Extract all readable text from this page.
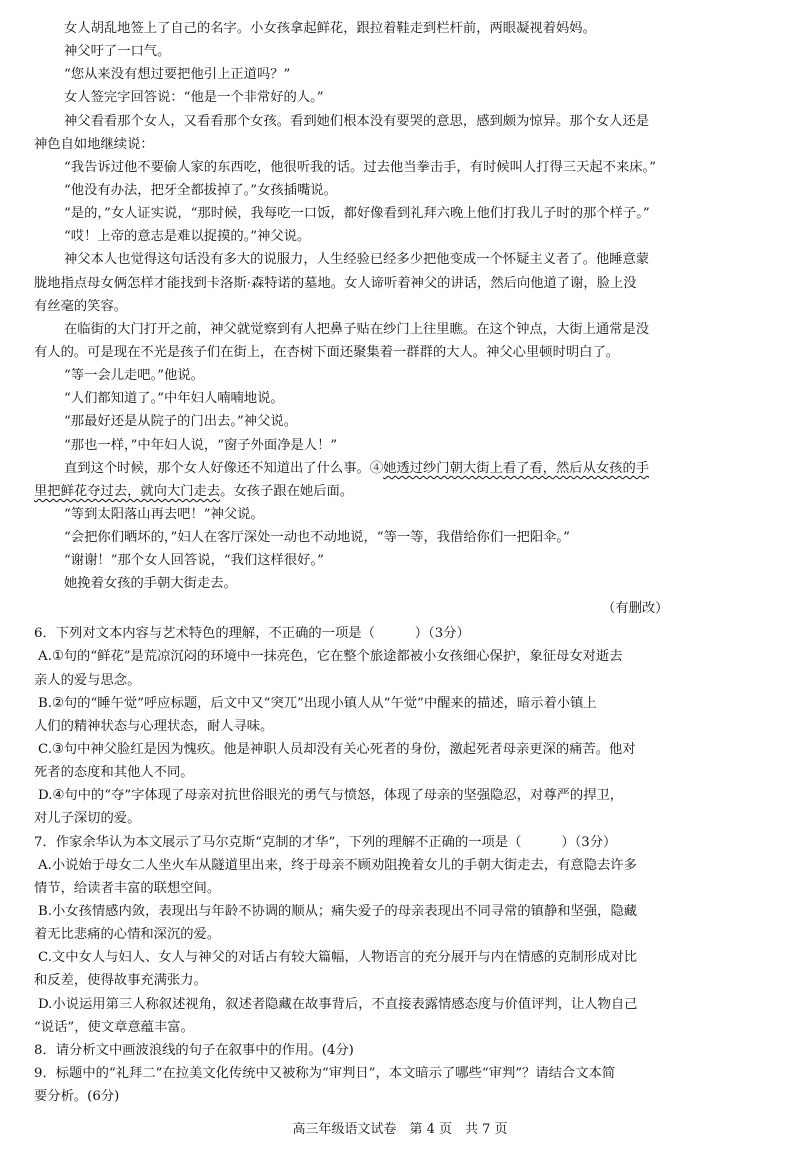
女人胡乱地签上了自己的名字。小女孩拿起鲜花，跟拉着鞋走到栏杆前，两眼凝视着妈妈。
神父吁了一口气。
“您从来没有想过要把他引上正道吗？”
女人签完字回答说：“他是一个非常好的人。”
神父看看那个女人，又看看那个女孩。看到她们根本没有要哭的意思，感到颇为惊异。那个女人还是
神色自如地继续说：
“我告诉过他不要偷人家的东西吃，他很听我的话。过去他当拳击手，有时候叫人打得三天起不来床。”
“他没有办法，把牙全都拔掉了。”女孩插嘴说。
“是的，”女人证实说，“那时候，我每吃一口饭，都好像看到礼拜六晚上他们打我儿子时的那个样子。”
“哎！上帝的意志是难以捉摸的。”神父说。
神父本人也觉得这句话没有多大的说服力，人生经验已经多少把他变成一个怀疑主义者了。他睡意蒙
胧地指点母女俩怎样才能找到卡洛斯·森特诺的墓地。女人谛听着神父的讲话，然后向他道了谢，脸上没
有丝毫的笑容。
在临街的大门打开之前，神父就觉察到有人把鼻子贴在纱门上往里瞧。在这个钟点，大街上通常是没
有人的。可是现在不光是孩子们在街上，在杏树下面还聚集着一群群的大人。神父心里顿时明白了。
“等一会儿走吧。”他说。
“人们都知道了。”中年妇人喃喃地说。
“那最好还是从院子的门出去。”神父说。
“那也一样，”中年妇人说，“窗子外面净是人！”
直到这个时候，那个女人好像还不知道出了什么事。④她透过纱门朝大街上看了看，然后从女孩的手
里把鲜花夺过去，就向大门走去。女孩子跟在她后面。
“等到太阳落山再去吧！”神父说。
“会把你们晒坏的，”妇人在客厅深处一动也不动地说，“等一等，我借给你们一把阳伞。”
“谢谢！”那个女人回答说，“我们这样很好。”
她挽着女孩的手朝大街走去。
（有删改）
6．下列对文本内容与艺术特色的理解，不正确的一项是（　　　）（3分）
A.①句的“鲜花”是荒凉沉闷的环境中一抹亮色，它在整个旅途都被小女孩细心保护，象征母女对逝去
亲人的爱与思念。
B.②句的“睡午觉”呼应标题，后文中又“突兀”出现小镇人从“午觉”中醒来的描述，暗示着小镇上
人们的精神状态与心理状态，耐人寻味。
C.③句中神父脸红是因为愧疚。他是神职人员却没有关心死者的身份，激起死者母亲更深的痛苦。他对
死者的态度和其他人不同。
D.④句中的“夺”字体现了母亲对抗世俗眼光的勇气与愤怒，体现了母亲的坚强隐忍，对尊严的捍卫，
对儿子深切的爱。
7．作家余华认为本文展示了马尔克斯“克制的才华”，下列的理解不正确的一项是（　　　）（3分）
A.小说始于母女二人坐火车从隧道里出来，终于母亲不顾劝阻挽着女儿的手朝大街走去，有意隐去许多
情节，给读者丰富的联想空间。
B.小女孩情感内敛，表现出与年龄不协调的顺从；痛失爱子的母亲表现出不同寻常的镇静和坚强，隐藏
着无比悲痛的心情和深沉的爱。
C.文中女人与妇人、女人与神父的对话占有较大篇幅，人物语言的充分展开与内在情感的克制形成对比
和反差，使得故事充满张力。
D.小说运用第三人称叙述视角，叙述者隐藏在故事背后，不直接表露情感态度与价值评判，让人物自己
“说话”，使文章意蕴丰富。
8．请分析文中画波浪线的句子在叙事中的作用。(4分)
9．标题中的“礼拜二”在拉美文化传统中又被称为“审判日”，本文暗示了哪些“审判”？请结合文本简
要分析。(6分)
高三年级语文试卷　第 4 页　共 7 页
